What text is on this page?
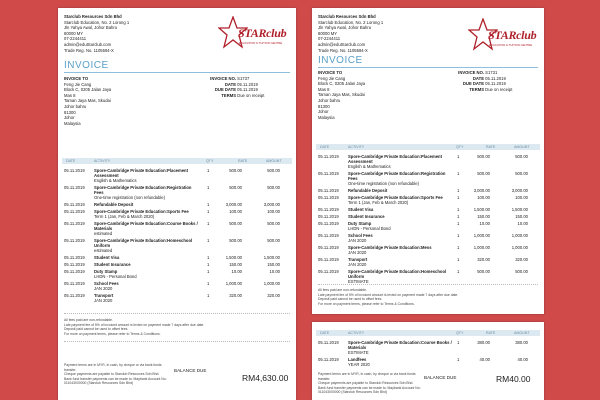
Starclub Resources Sdn Bhd
Starclub Education, No. 2 Lorong 1
Jln Yahya Awal, Johor Bahru
80000 MY
07-2244411
admin@eduStarclub.com
Trade Reg. No. 1105594-X
STARclub
EDUCATION & TUITION CENTRE
INVOICE
INVOICE TO
Feng Jie Cang
Block C, 0205 Jalan Jaya
Mas 8
Taman Jaya Mas, Skudai
Johor bahru
81300
Johor
Malaysia
INVOICE NO. S1737
DATE 05.11.2019
DUE DATE 05.11.2019
TERMS Due on receipt
DATE	ACTIVITY	QTY	RATE	AMOUNT
All fees paid are non-refundable.
Late payment fee of 5% of invoiced amount is levied on payment made 7 days after due date.
Deposit paid cannot be used to offset fees.
For more on payment terms, please refer to Terms & Conditions.
Payment terms are in MYR, in cash, by cheque or via bank funds transfer.
Cheque payments are payable to Starclub Resources Sdn Bhd.
Bank fund transfer payments can be made to: Maybank Account No: 011043000000 (Starclub Resources Sdn Bhd)
BALANCE DUE
RM4,630.00
05.11.2019 Spore-Cambridge Private Education:Placement Assessment
English & Mathematics
1	500.00	500.00
05.11.2019 Spore-Cambridge Private Education:Registration Fees
One-time registration (non refundable)
1	500.00	500.00
05.11.2019 Refundable Deposit	1	3,000.00	3,000.00
05.11.2019 Spore-Cambridge Private Education:Sports Fee
Term 1 (Jan, Feb & March 2020)
1	100.00	100.00
05.11.2019 Spore-Cambridge Private Education:Course Books / Materials
estimated
1	500.00	500.00
05.11.2019 Spore-Cambridge Private Education:Homeschool Uniform
estimated
1	500.00	500.00
05.11.2019 Student Visa	1	1,500.00	1,500.00
05.11.2019 Student Insurance	1	150.00	150.00
05.11.2019 Duty Stamp
LHDN - Personal Bond
1	10.00	10.00
05.11.2019 School Fees
JAN 2020
1	1,000.00	1,000.00
05.11.2019 Transport
JAN 2020
1	320.00	320.00
Starclub Resources Sdn Bhd
Starclub Education, No. 2 Lorong 1
Jln Yahya Awal, Johor Bahru
80000 MY
07-2244411
admin@eduStarclub.com
Trade Reg. No. 1105594-X
STARclub
EDUCATION & TUITION CENTRE
INVOICE
INVOICE TO
Feng Jie Cang
Block C, 0205 Jalan Jaya
Mas 8
Taman Jaya Mas, Skudai
Johor bahru
81300
Johor
Malaysia
INVOICE NO. S1731
DATE 05.11.2019
DUE DATE 05.11.2019
TERMS Due on receipt
DATE	ACTIVITY	QTY	RATE	AMOUNT
All fees paid are non-refundable.
Late payment fee of 5% of invoiced amount is levied on payment made 7 days after due date.
Deposit paid cannot be used to offset fees.
For more on payment terms, please refer to Terms & Conditions.
05.11.2019 Spore-Cambridge Private Education:Placement Assessment
English & Mathematics
1	500.00	500.00
05.11.2019 Spore-Cambridge Private Education:Registration Fees
One-time registration (non refundable)
1	500.00	500.00
05.11.2019 Refundable Deposit	1	3,000.00	3,000.00
05.11.2019 Spore-Cambridge Private Education:Sports Fee
Term 1 (Jan, Feb & March 2020)
1	100.00	100.00
05.11.2019 Student Visa	1	1,500.00	1,500.00
05.11.2019 Student Insurance	1	150.00	150.00
05.11.2019 Duty Stamp
LHDN - Personal Bond
1	10.00	10.00
05.11.2019 School Fees
JAN 2020
1	1,000.00	1,000.00
05.11.2019 Spore-Cambridge Private Education:Mess
JAN 2020
1	1,000.00	1,000.00
05.11.2019 Transport
JAN 2020
1	320.00	320.00
05.11.2019 Spore-Cambridge Private Education:Homeschool Uniform
ESTIMATE
1	500.00	500.00
DATE	ACTIVITY	QTY	RATE	AMOUNT
Payment terms are in MYR, in cash, by cheque or via bank funds transfer.
Cheque payments are payable to Starclub Resources Sdn Bhd.
Bank fund transfer payments can be made to: Maybank Account No: 011043000000 (Starclub Resources Sdn Bhd)
BALANCE DUE	RM40.00
05.11.2019 Spore-Cambridge Private Education:Course Books / Materials
ESTIMATE
1	380.00	380.00
05.11.2019 Landfees
YEAR 2020
1	40.00	40.00
